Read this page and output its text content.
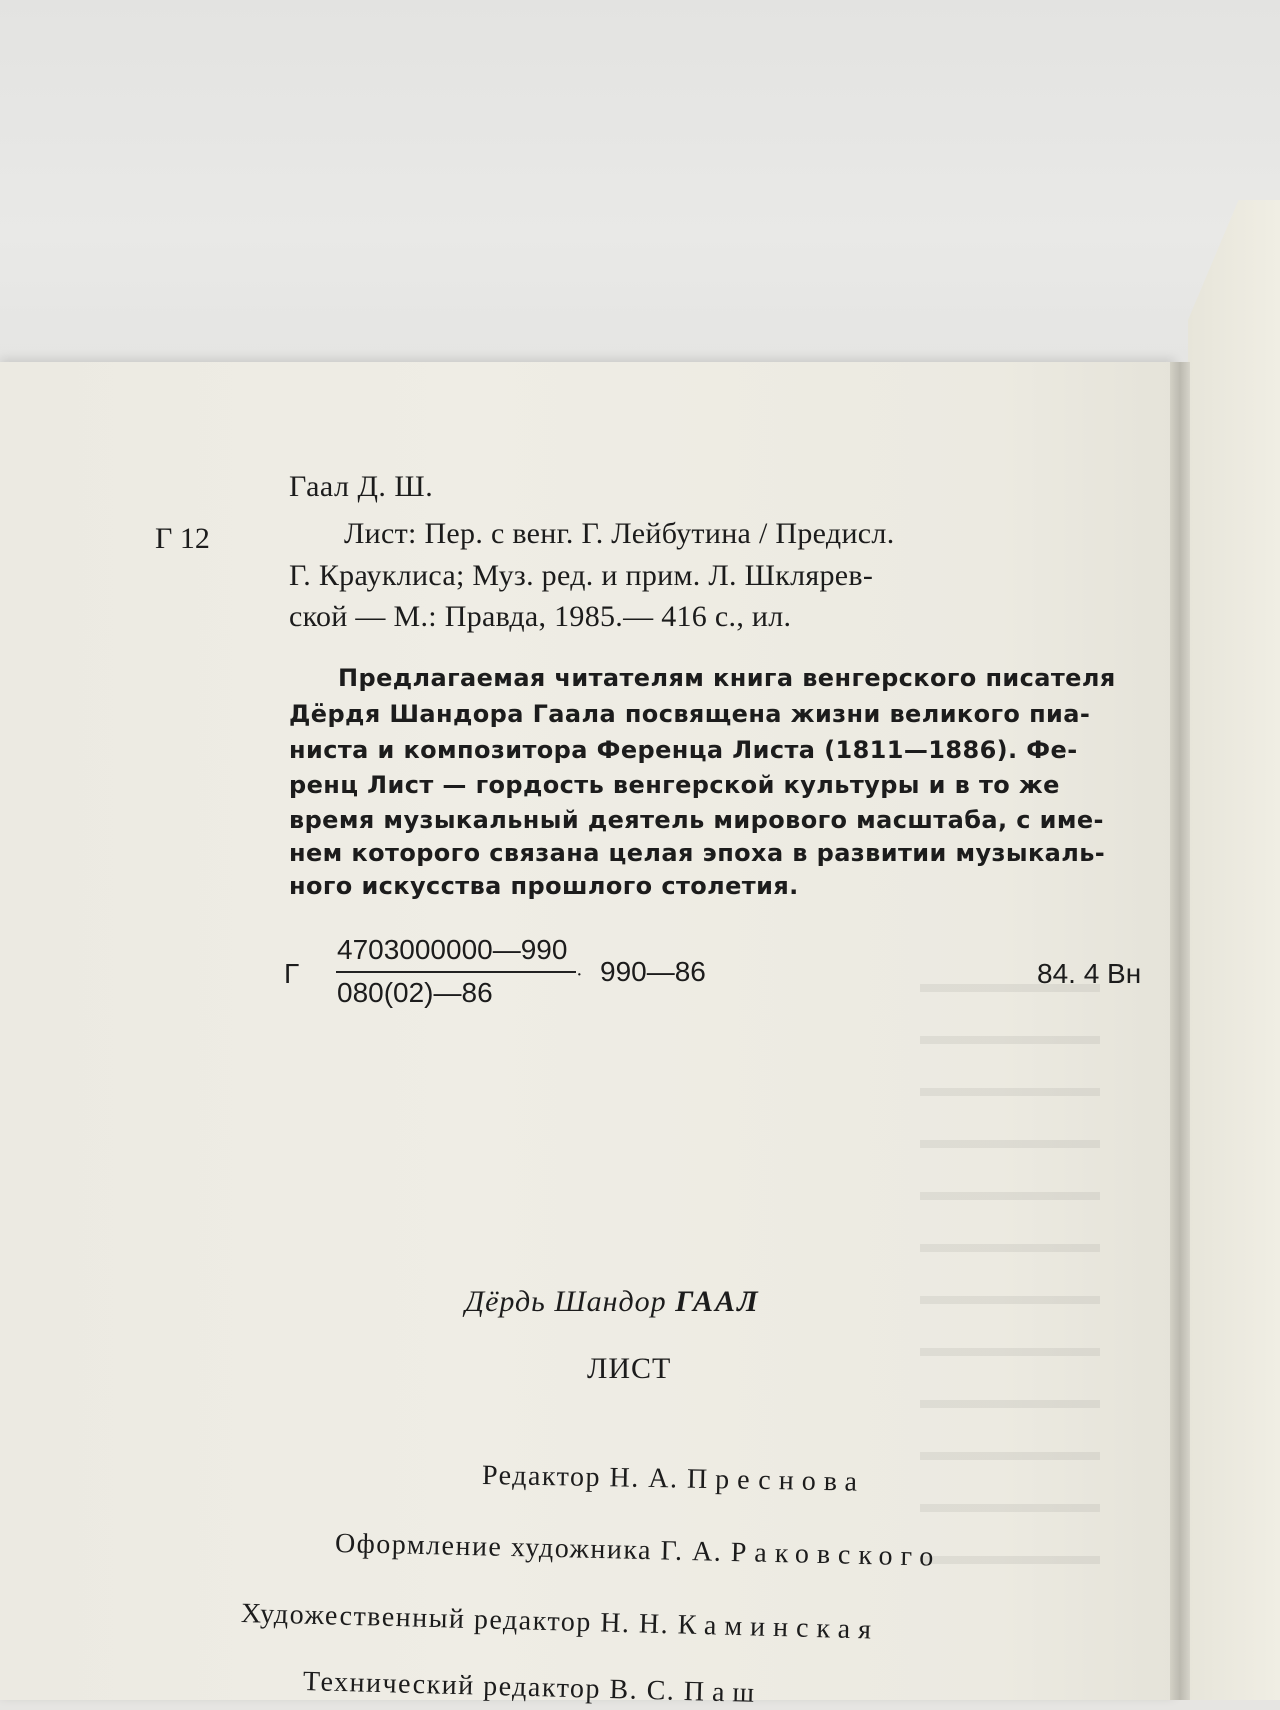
Гаал Д. Ш.
Г 12	Лист: Пер. с венг. Г. Лейбутина / Предисл.
Г. Крауклиса; Муз. ред. и прим. Л. Шклярев-
ской — М.: Правда, 1985.— 416 с., ил.
Предлагаемая читателям книга венгерского писателя
Дёрдя Шандора Гаала посвящена жизни великого пиа-
ниста и композитора Ференца Листа (1811—1886). Фе-
ренц Лист — гордость венгерской культуры и в то же
время музыкальный деятель мирового масштаба, с име-
нем которого связана целая эпоха в развитии музыкаль-
ного искусства прошлого столетия.
Г
4703000000—990
080(02)—86
· 990—86	84. 4 Вн
Дёрдь Шандор ГААЛ
ЛИСТ
Редактор Н. А. Преснова
Оформление художника Г. А. Раковского
Художественный редактор Н. Н. Каминская
Технический редактор В. С. Паш
